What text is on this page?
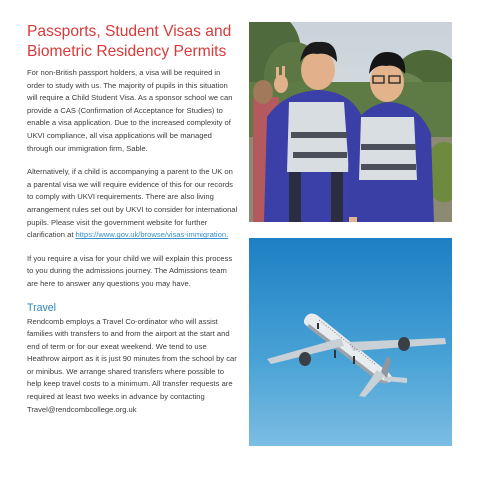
Passports, Student Visas and Biometric Residency Permits

For non-British passport holders, a visa will be required in order to study with us. The majority of pupils in this situation will require a Child Student Visa. As a sponsor school we can provide a CAS (Confirmation of Acceptance for Studies) to enable a visa application. Due to the increased complexity of UKVI compliance, all visa applications will be managed through our immigration firm, Sable.

Alternatively, if a child is accompanying a parent to the UK on a parental visa we will require evidence of this for our records to comply with UKVI requirements. There are also living arrangement rules set out by UKVI to consider for international pupils. Please visit the government website for further clarification at https://www.gov.uk/browse/visas-immigration.

If you require a visa for your child we will explain this process to you during the admissions journey. The Admissions team are here to answer any questions you may have.

Travel

Rendcomb employs a Travel Co-ordinator who will assist families with transfers to and from the airport at the start and end of term or for our exeat weekend. We tend to use Heathrow airport as it is just 90 minutes from the school by car or minibus. We arrange shared transfers where possible to help keep travel costs to a minimum. All transfer requests are required at least two weeks in advance by contacting Travel@rendcombcollege.org.uk
